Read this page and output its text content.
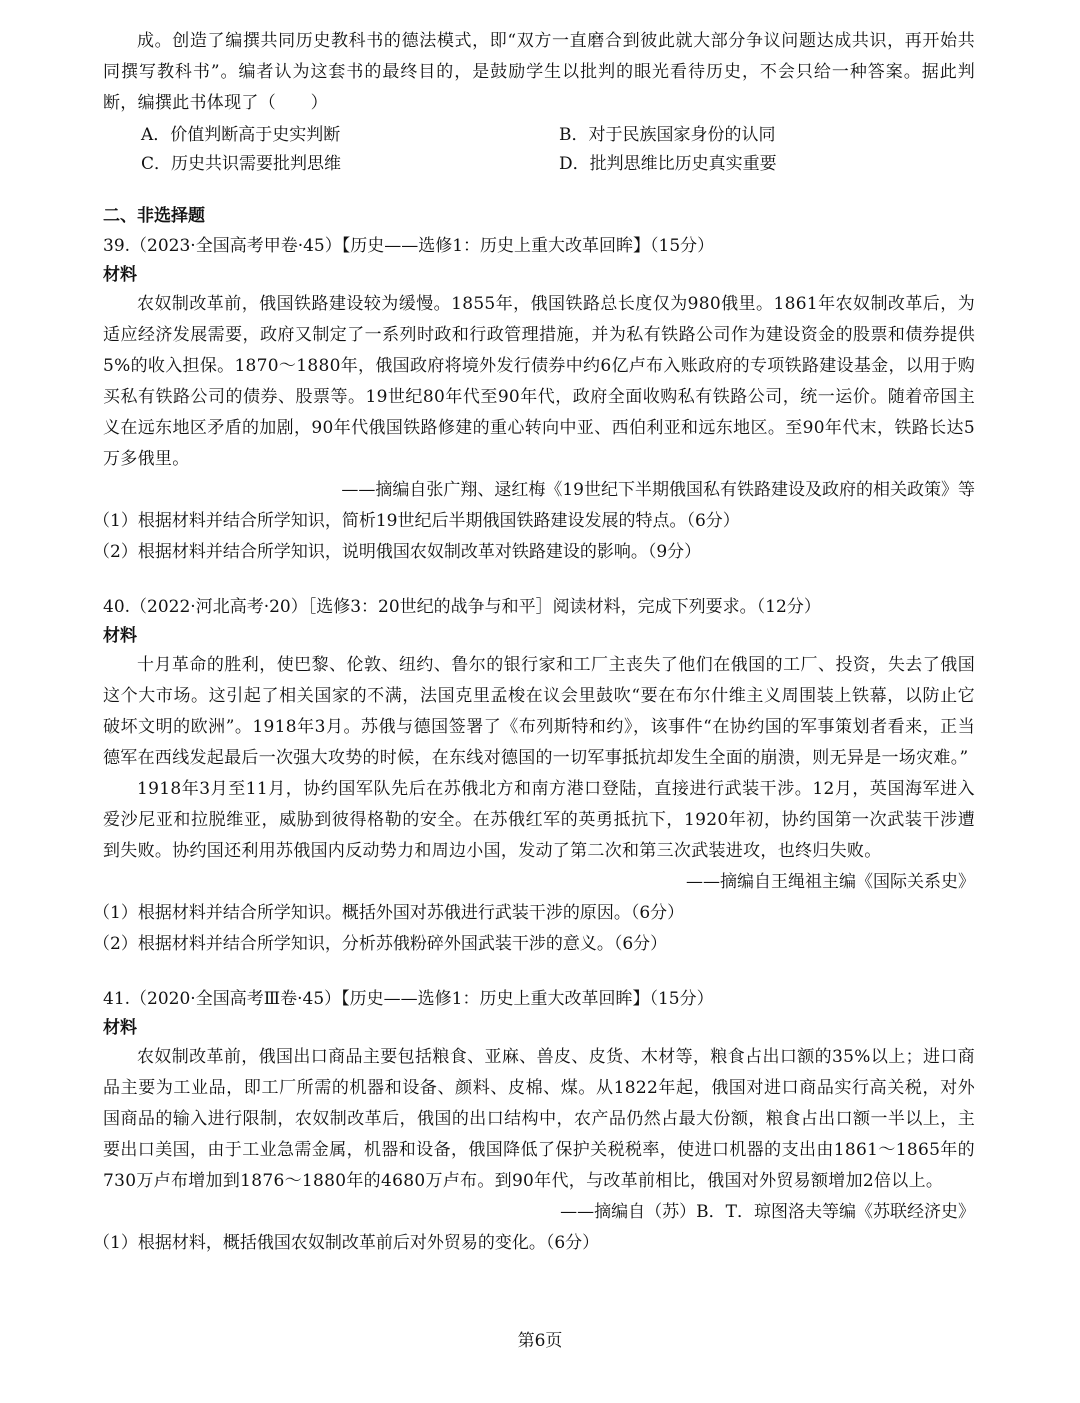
成。创造了编撰共同历史教科书的德法模式，即“双方一直磨合到彼此就大部分争议问题达成共识，再开始共同撰写教科书”。编者认为这套书的最终目的，是鼓励学生以批判的眼光看待历史，不会只给一种答案。据此判断，编撰此书体现了（　　）
A．价值判断高于史实判断	B．对于民族国家身份的认同
C．历史共识需要批判思维	D．批判思维比历史真实重要
二、非选择题
39.（2023·全国高考甲卷·45）【历史——选修1：历史上重大改革回眸】（15分）
材料
农奴制改革前，俄国铁路建设较为缓慢。1855年，俄国铁路总长度仅为980俄里。1861年农奴制改革后，为适应经济发展需要，政府又制定了一系列时政和行政管理措施，并为私有铁路公司作为建设资金的股票和债券提供5%的收入担保。1870～1880年，俄国政府将境外发行债券中约6亿卢布入账政府的专项铁路建设基金，以用于购买私有铁路公司的债券、股票等。19世纪80年代至90年代，政府全面收购私有铁路公司，统一运价。随着帝国主义在远东地区矛盾的加剧，90年代俄国铁路修建的重心转向中亚、西伯利亚和远东地区。至90年代末，铁路长达5万多俄里。
——摘编自张广翔、逯红梅《19世纪下半期俄国私有铁路建设及政府的相关政策》等
（1）根据材料并结合所学知识，简析19世纪后半期俄国铁路建设发展的特点。（6分）
（2）根据材料并结合所学知识，说明俄国农奴制改革对铁路建设的影响。（9分）
40.（2022·河北高考·20）［选修3：20世纪的战争与和平］阅读材料，完成下列要求。（12分）
材料
十月革命的胜利，使巴黎、伦敦、纽约、鲁尔的银行家和工厂主丧失了他们在俄国的工厂、投资，失去了俄国这个大市场。这引起了相关国家的不满，法国克里孟梭在议会里鼓吹“要在布尔什维主义周围装上铁幕，以防止它破坏文明的欧洲”。1918年3月。苏俄与德国签署了《布列斯特和约》，该事件“在协约国的军事策划者看来，正当德军在西线发起最后一次强大攻势的时候，在东线对德国的一切军事抵抗却发生全面的崩溃，则无异是一场灾难。”
1918年3月至11月，协约国军队先后在苏俄北方和南方港口登陆，直接进行武装干涉。12月，英国海军进入爱沙尼亚和拉脱维亚，威胁到彼得格勒的安全。在苏俄红军的英勇抵抗下，1920年初，协约国第一次武装干涉遭到失败。协约国还利用苏俄国内反动势力和周边小国，发动了第二次和第三次武装进攻，也终归失败。
——摘编自王绳祖主编《国际关系史》
（1）根据材料并结合所学知识。概括外国对苏俄进行武装干涉的原因。（6分）
（2）根据材料并结合所学知识，分析苏俄粉碎外国武装干涉的意义。（6分）
41.（2020·全国高考Ⅲ卷·45）【历史——选修1：历史上重大改革回眸】（15分）
材料
农奴制改革前，俄国出口商品主要包括粮食、亚麻、兽皮、皮货、木材等，粮食占出口额的35%以上；进口商品主要为工业品，即工厂所需的机器和设备、颜料、皮棉、煤。从1822年起，俄国对进口商品实行高关税，对外国商品的输入进行限制，农奴制改革后，俄国的出口结构中，农产品仍然占最大份额，粮食占出口额一半以上，主要出口美国，由于工业急需金属，机器和设备，俄国降低了保护关税税率，使进口机器的支出由1861～1865年的730万卢布增加到1876～1880年的4680万卢布。到90年代，与改革前相比，俄国对外贸易额增加2倍以上。
——摘编自（苏）B．T．琼图洛夫等编《苏联经济史》
（1）根据材料，概括俄国农奴制改革前后对外贸易的变化。（6分）
第6页
